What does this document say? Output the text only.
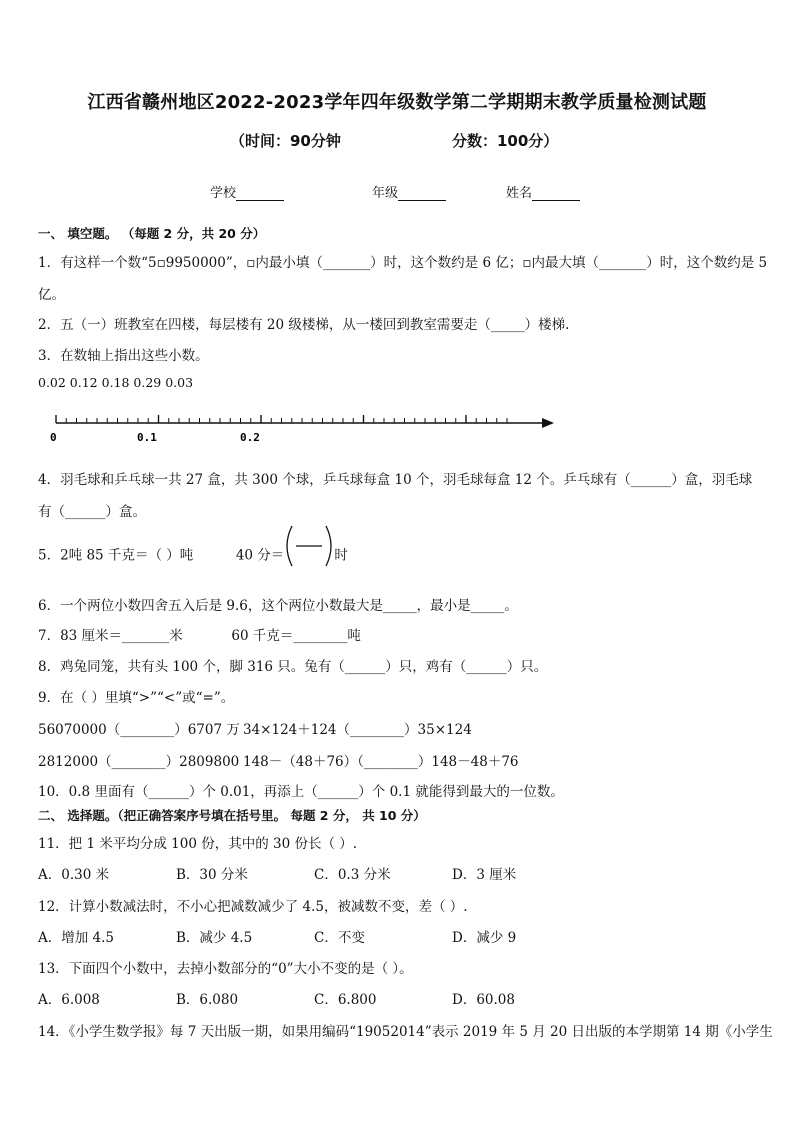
江西省赣州地区2022-2023学年四年级数学第二学期期末教学质量检测试题
（时间：90分钟	分数：100分）
学校	年级	姓名
一、 填空题。 （每题 2 分，共 20 分）
1．有这样一个数“5▫9950000”，▫内最小填（_______）时，这个数约是 6 亿；▫内最大填（_______）时，这个数约是 5
亿。
2．五（一）班教室在四楼，每层楼有 20 级楼梯，从一楼回到教室需要走（_____）楼梯.
3．在数轴上指出这些小数。
0.02 0.12 0.18 0.29 0.03
0	0.1	0.2
4．羽毛球和乒乓球一共 27 盒，共 300 个球，乒乓球每盒 10 个，羽毛球每盒 12 个。乒乓球有（______）盒，羽毛球
有（______）盒。
5．2吨 85 千克＝（ ）吨	40 分＝	时
6．一个两位小数四舍五入后是 9.6，这个两位小数最大是_____，最小是_____。
7．83 厘米＝_______米	60 千克＝________吨
8．鸡兔同笼，共有头 100 个，脚 316 只。兔有（______）只，鸡有（______）只。
9．在（ ）里填“>”“<”或“=”。
56070000（________）6707 万 34×124＋124（________）35×124
2812000（________）2809800 148－（48＋76）（________）148－48＋76
10．0.8 里面有（______）个 0.01，再添上（______）个 0.1 就能得到最大的一位数。
二、 选择题。（把正确答案序号填在括号里。 每题 2 分， 共 10 分）
11．把 1 米平均分成 100 份，其中的 30 份长（ ）.
A．0.30 米	B．30 分米	C．0.3 分米	D．3 厘米
12．计算小数减法时，不小心把减数减少了 4.5，被减数不变，差（ ）.
A．增加 4.5	B．减少 4.5	C．不变	D．减少 9
13．下面四个小数中，去掉小数部分的“0”大小不变的是（ ）。
A．6.008	B．6.080	C．6.800	D．60.08
14．《小学生数学报》每 7 天出版一期，如果用编码“19052014”表示 2019 年 5 月 20 日出版的本学期第 14 期《小学生
